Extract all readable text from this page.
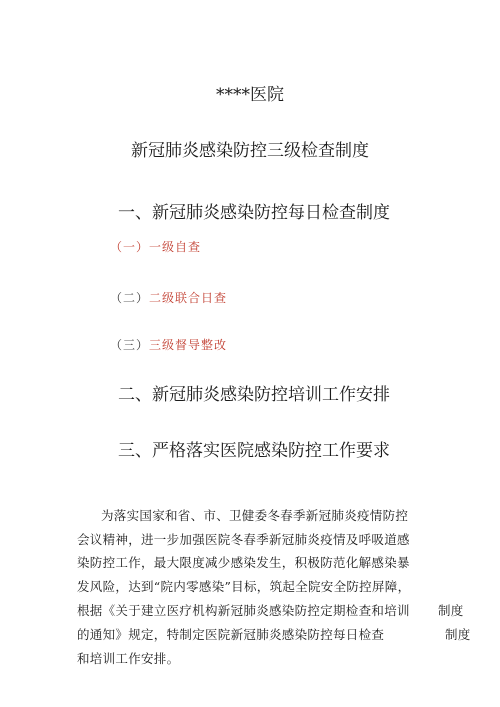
****医院
新冠肺炎感染防控三级检查制度
一、新冠肺炎感染防控每日检查制度
（一）一级自查
（二）二级联合日查
（三）三级督导整改
二、新冠肺炎感染防控培训工作安排
三、严格落实医院感染防控工作要求
为落实国家和省、市、卫健委冬春季新冠肺炎疫情防控
会议精神，进一步加强医院冬春季新冠肺炎疫情及呼吸道感
染防控工作，最大限度减少感染发生，积极防范化解感染暴
发风险，达到“院内零感染”目标，筑起全院安全防控屏障，
根据《关于建立医疗机构新冠肺炎感染防控定期检查和培训 制度
的通知》规定，特制定医院新冠肺炎感染防控每日检查	制度
和培训工作安排。
